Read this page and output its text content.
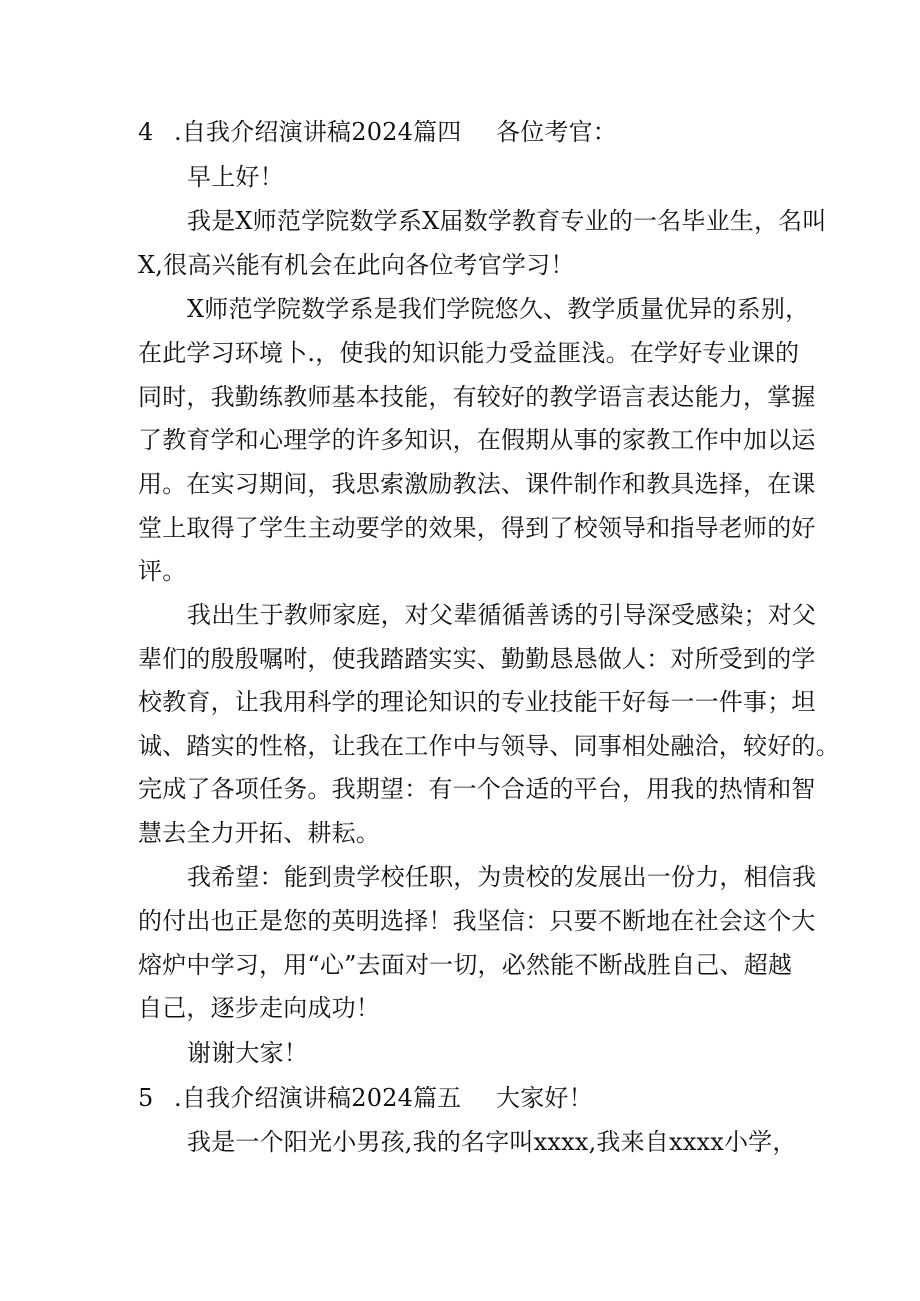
4 .自我介绍演讲稿2024篇四 各位考官：
早上好！
我是X师范学院数学系X届数学教育专业的一名毕业生，名叫
X,很高兴能有机会在此向各位考官学习！
X师范学院数学系是我们学院悠久、教学质量优异的系别，
在此学习环境卜.，使我的知识能力受益匪浅。在学好专业课的
同时，我勤练教师基本技能，有较好的教学语言表达能力，掌握
了教育学和心理学的许多知识，在假期从事的家教工作中加以运
用。在实习期间，我思索激励教法、课件制作和教具选择，在课
堂上取得了学生主动要学的效果，得到了校领导和指导老师的好
评。
我出生于教师家庭，对父辈循循善诱的引导深受感染；对父
辈们的殷殷嘱咐，使我踏踏实实、勤勤恳恳做人：对所受到的学
校教育，让我用科学的理论知识的专业技能干好每一一件事；坦
诚、踏实的性格，让我在工作中与领导、同事相处融洽，较好的。
完成了各项任务。我期望：有一个合适的平台，用我的热情和智
慧去全力开拓、耕耘。
我希望：能到贵学校任职，为贵校的发展出一份力，相信我
的付出也正是您的英明选择！我坚信：只要不断地在社会这个大
熔炉中学习，用“心”去面对一切，必然能不断战胜自己、超越
自己，逐步走向成功！
谢谢大家！
5 .自我介绍演讲稿2024篇五 大家好！
我是一个阳光小男孩,我的名字叫xxxx,我来自xxxx小学，
